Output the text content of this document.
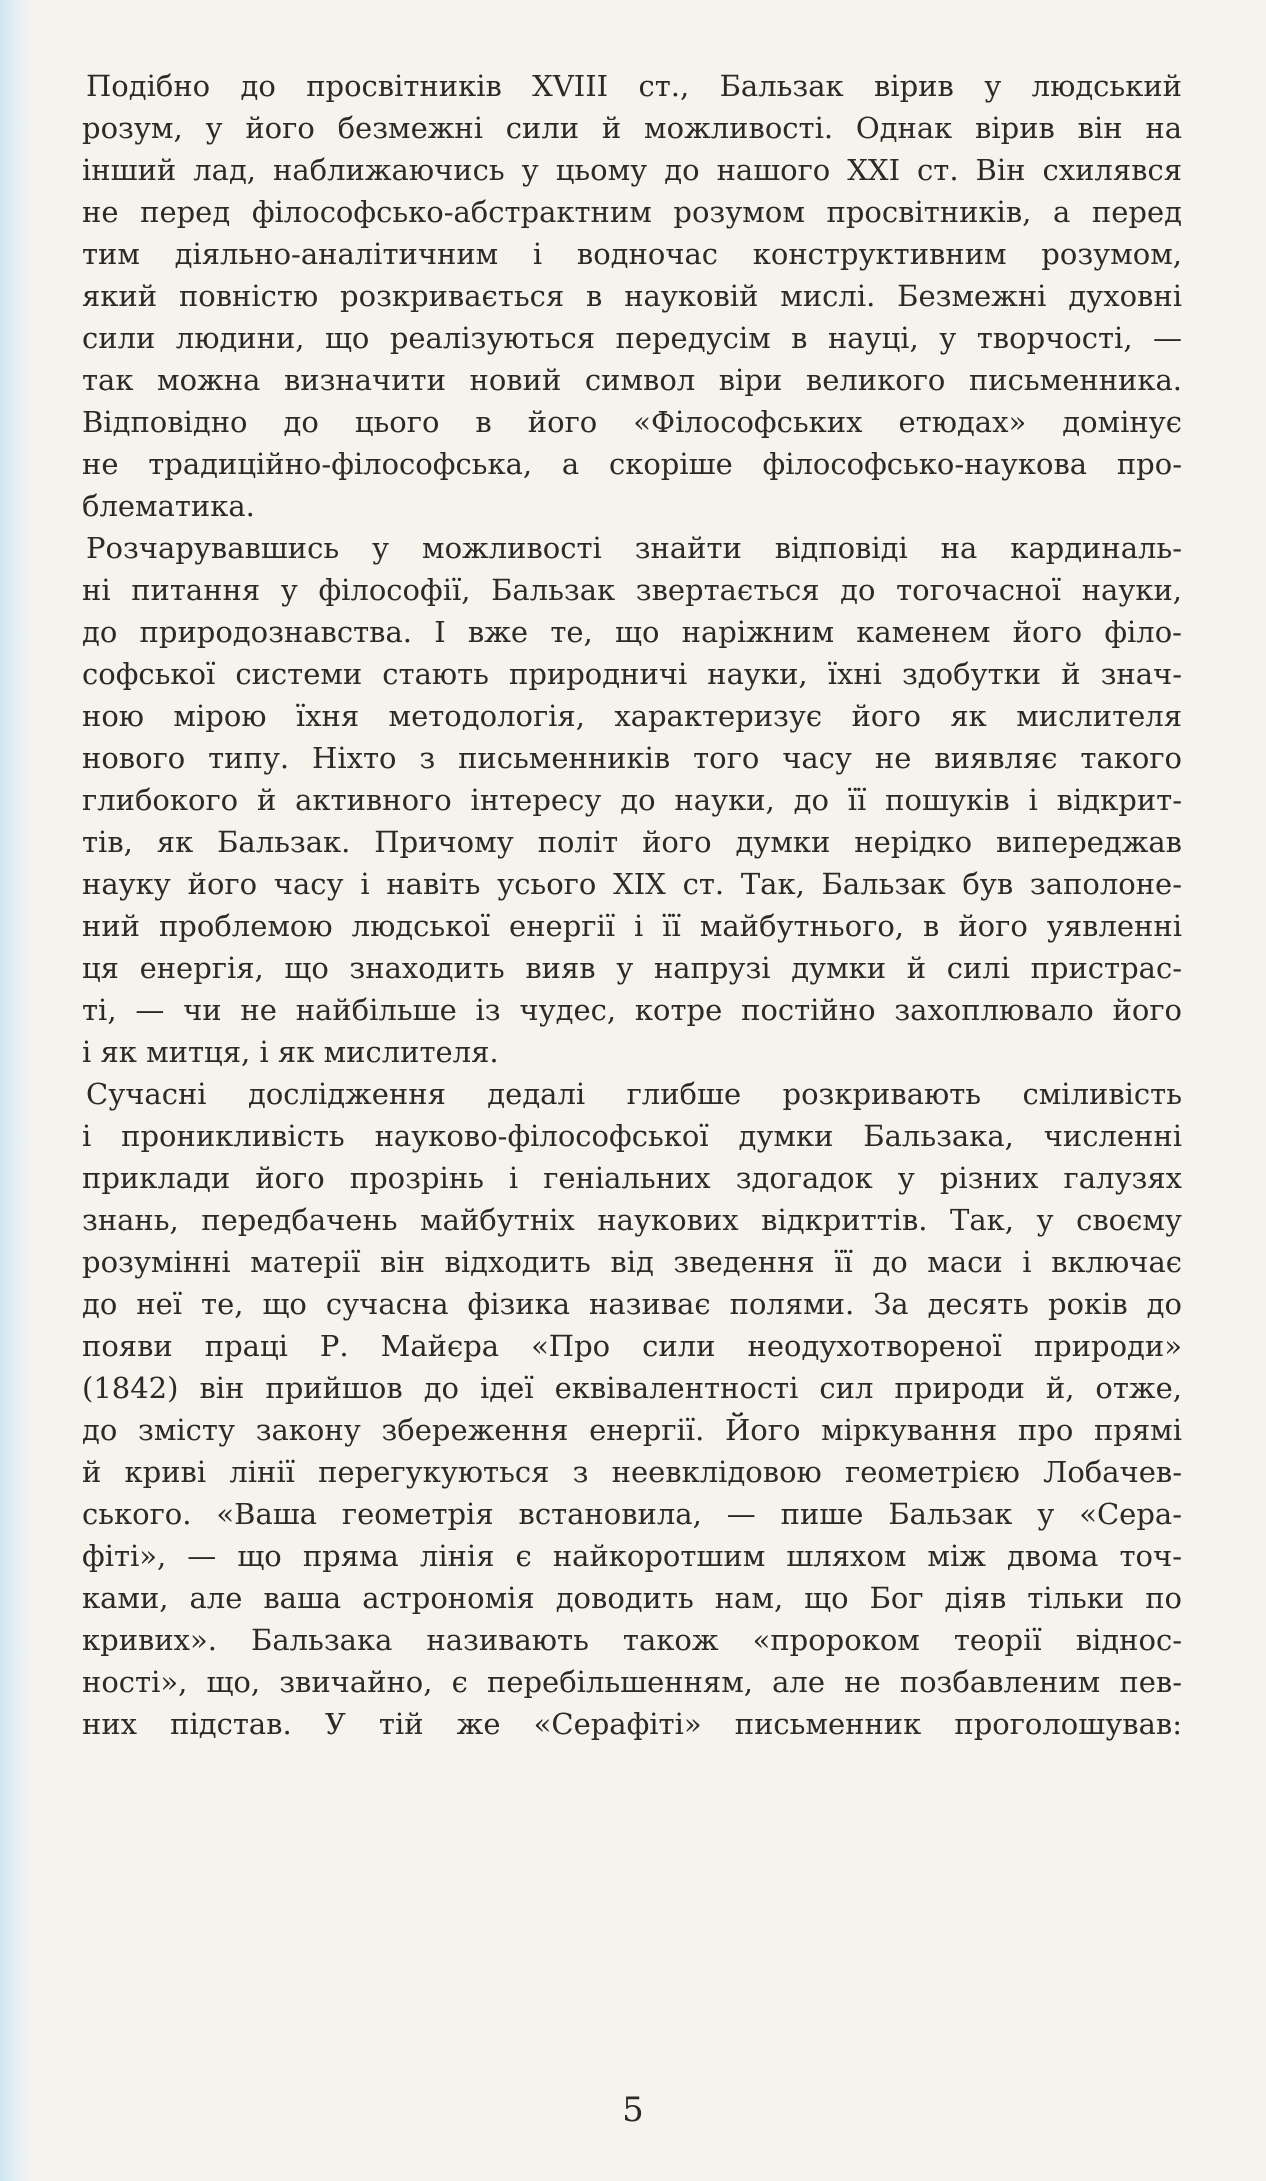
Подібно до просвітників XVIII ст., Бальзак вірив у людський
розум, у його безмежні сили й можливості. Однак вірив він на
інший лад, наближаючись у цьому до нашого XXI ст. Він схилявся
не перед філософсько-абстрактним розумом просвітників, а перед
тим діяльно-аналітичним і водночас конструктивним розумом,
який повністю розкривається в науковій мислі. Безмежні духовні
сили людини, що реалізуються передусім в науці, у творчості, —
так можна визначити новий символ віри великого письменника.
Відповідно до цього в його «Філософських етюдах» домінує
не традиційно-філософська, а скоріше філософсько-наукова про-
блематика.
Розчарувавшись у можливості знайти відповіді на кардиналь-
ні питання у філософії, Бальзак звертається до тогочасної науки,
до природознавства. І вже те, що наріжним каменем його філо-
софської системи стають природничі науки, їхні здобутки й знач-
ною мірою їхня методологія, характеризує його як мислителя
нового типу. Ніхто з письменників того часу не виявляє такого
глибокого й активного інтересу до науки, до її пошуків і відкрит-
тів, як Бальзак. Причому політ його думки нерідко випереджав
науку його часу і навіть усього XIX ст. Так, Бальзак був заполоне-
ний проблемою людської енергії і її майбутнього, в його уявленні
ця енергія, що знаходить вияв у напрузі думки й силі пристрас-
ті, — чи не найбільше із чудес, котре постійно захоплювало його
і як митця, і як мислителя.
Сучасні дослідження дедалі глибше розкривають сміливість
і проникливість науково-філософської думки Бальзака, численні
приклади його прозрінь і геніальних здогадок у різних галузях
знань, передбачень майбутніх наукових відкриттів. Так, у своєму
розумінні матерії він відходить від зведення її до маси і включає
до неї те, що сучасна фізика називає полями. За десять років до
появи праці Р. Майєра «Про сили неодухотвореної природи»
(1842) він прийшов до ідеї еквівалентності сил природи й, отже,
до змісту закону збереження енергії. Його міркування про прямі
й криві лінії перегукуються з неевклідовою геометрією Лобачев-
ського. «Ваша геометрія встановила, — пише Бальзак у «Сера-
фіті», — що пряма лінія є найкоротшим шляхом між двома точ-
ками, але ваша астрономія доводить нам, що Бог діяв тільки по
кривих». Бальзака називають також «пророком теорії віднос-
ності», що, звичайно, є перебільшенням, але не позбавленим пев-
них підстав. У тій же «Серафіті» письменник проголошував:
5
